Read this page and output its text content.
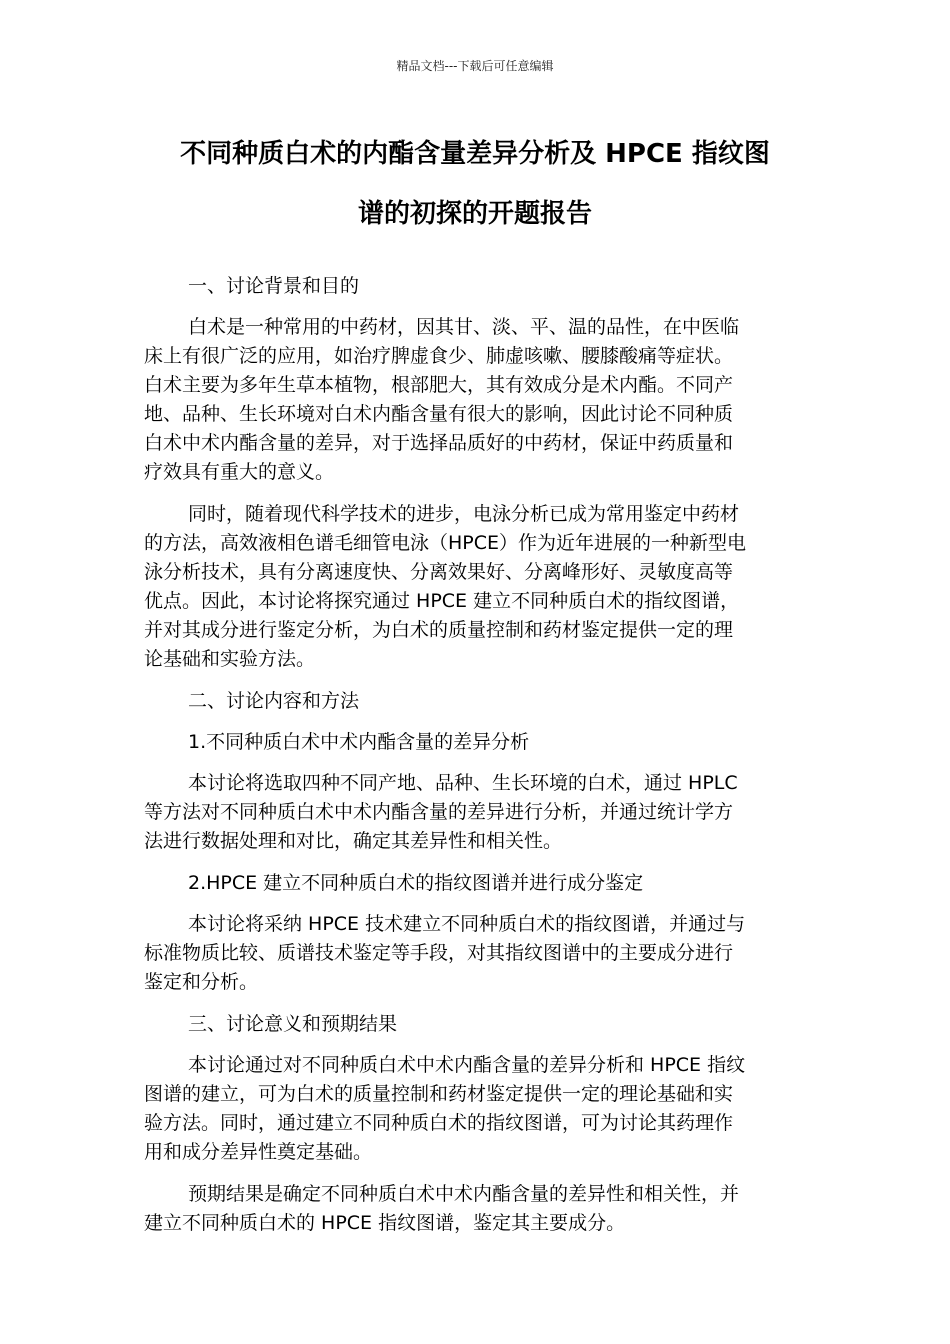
精品文档---下载后可任意编辑
不同种质白术的内酯含量差异分析及 HPCE 指纹图
谱的初探的开题报告
一、讨论背景和目的
白术是一种常用的中药材，因其甘、淡、平、温的品性，在中医临
床上有很广泛的应用，如治疗脾虚食少、肺虚咳嗽、腰膝酸痛等症状。
白术主要为多年生草本植物，根部肥大，其有效成分是术内酯。不同产
地、品种、生长环境对白术内酯含量有很大的影响，因此讨论不同种质
白术中术内酯含量的差异，对于选择品质好的中药材，保证中药质量和
疗效具有重大的意义。
同时，随着现代科学技术的进步，电泳分析已成为常用鉴定中药材
的方法，高效液相色谱毛细管电泳（HPCE）作为近年进展的一种新型电
泳分析技术，具有分离速度快、分离效果好、分离峰形好、灵敏度高等
优点。因此，本讨论将探究通过 HPCE 建立不同种质白术的指纹图谱，
并对其成分进行鉴定分析，为白术的质量控制和药材鉴定提供一定的理
论基础和实验方法。
二、讨论内容和方法
1.不同种质白术中术内酯含量的差异分析
本讨论将选取四种不同产地、品种、生长环境的白术，通过 HPLC
等方法对不同种质白术中术内酯含量的差异进行分析，并通过统计学方
法进行数据处理和对比，确定其差异性和相关性。
2.HPCE 建立不同种质白术的指纹图谱并进行成分鉴定
本讨论将采纳 HPCE 技术建立不同种质白术的指纹图谱，并通过与
标准物质比较、质谱技术鉴定等手段，对其指纹图谱中的主要成分进行
鉴定和分析。
三、讨论意义和预期结果
本讨论通过对不同种质白术中术内酯含量的差异分析和 HPCE 指纹
图谱的建立，可为白术的质量控制和药材鉴定提供一定的理论基础和实
验方法。同时，通过建立不同种质白术的指纹图谱，可为讨论其药理作
用和成分差异性奠定基础。
预期结果是确定不同种质白术中术内酯含量的差异性和相关性，并
建立不同种质白术的 HPCE 指纹图谱，鉴定其主要成分。
